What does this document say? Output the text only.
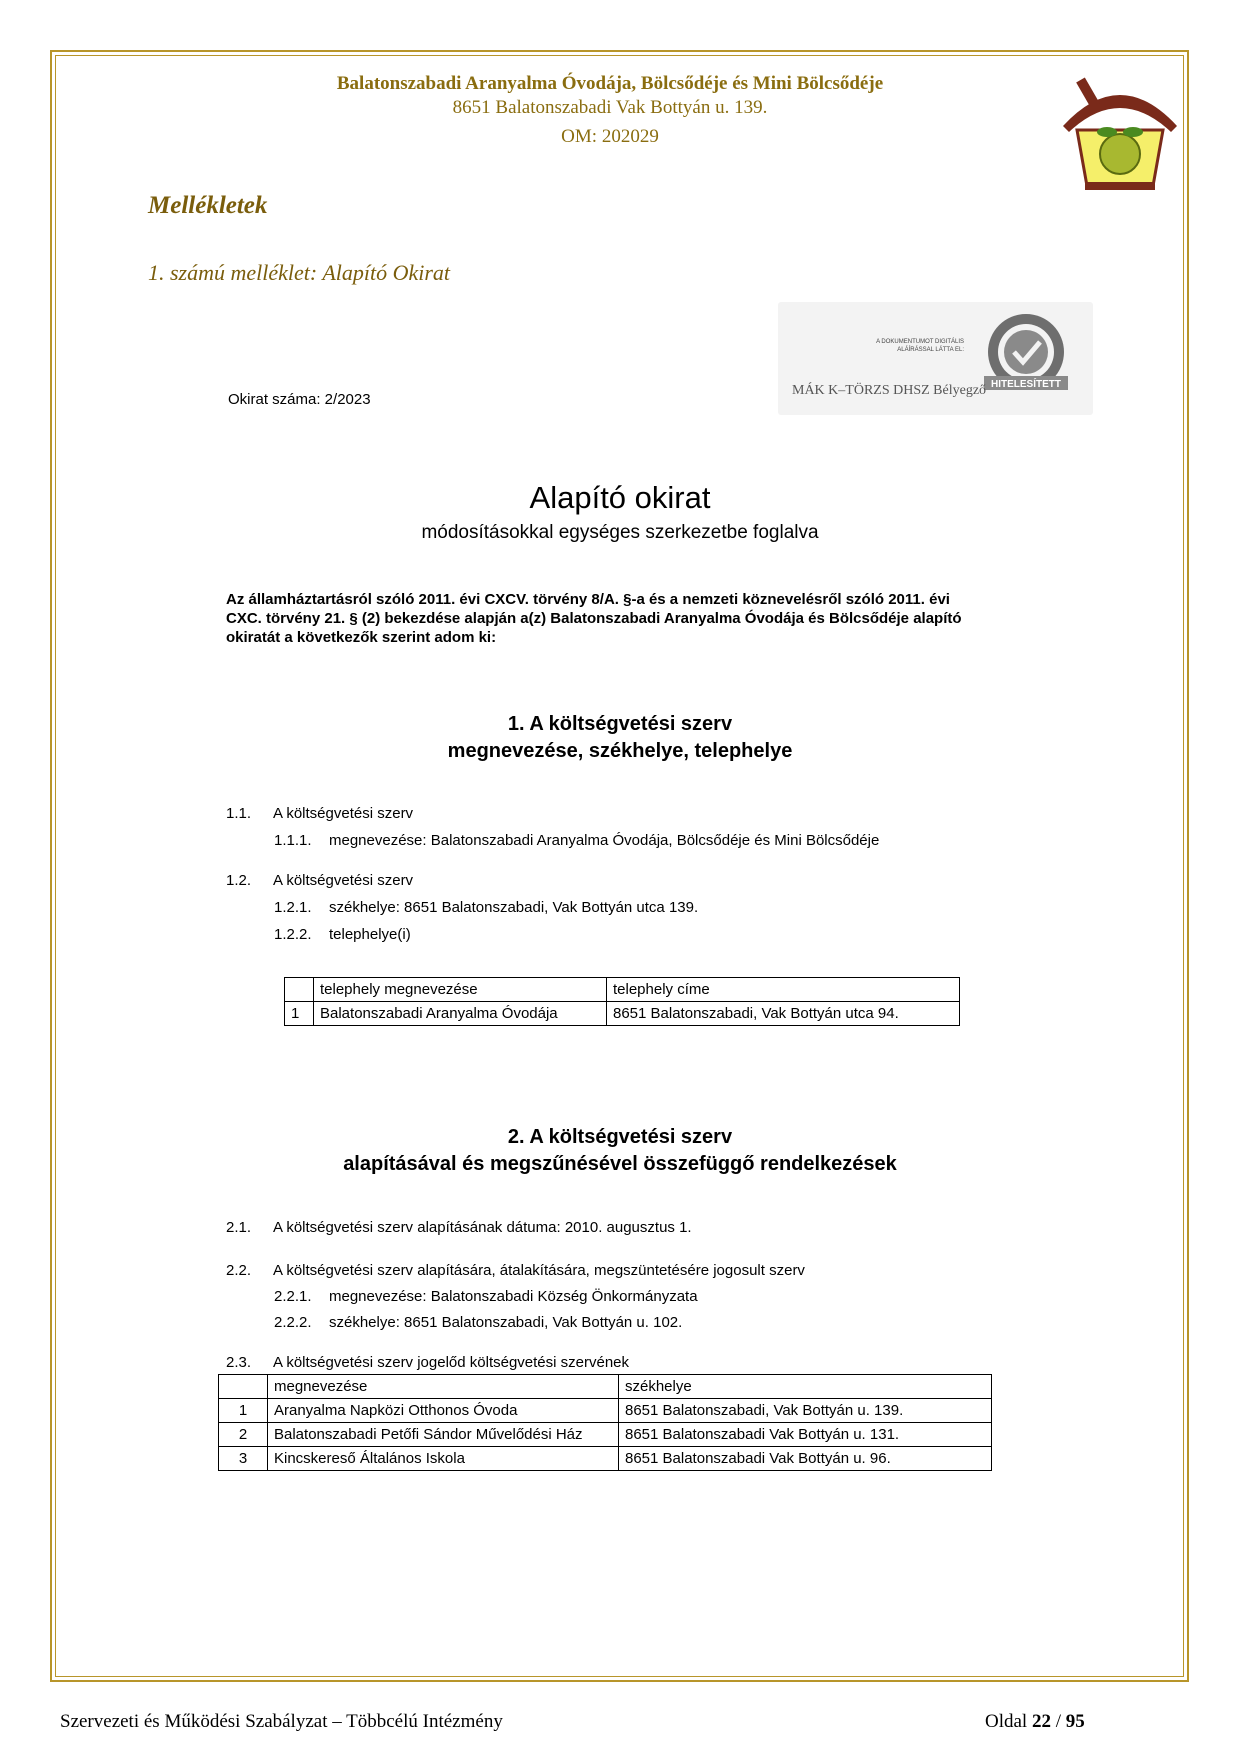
Balatonszabadi Aranyalma Óvodája, Bölcsődéje és Mini Bölcsődéje
8651 Balatonszabadi Vak Bottyán u. 139.
OM: 202029
Mellékletek
1. számú melléklet: Alapító Okirat
A DOKUMENTUMOT DIGITÁLIS
ALÁÍRÁSSAL LÁTTA EL:
HITELESÍTETT
MÁK K–TÖRZS DHSZ Bélyegző
Okirat száma: 2/2023
Alapító okirat
módosításokkal egységes szerkezetbe foglalva
Az államháztartásról szóló 2011. évi CXCV. törvény 8/A. §-a és a nemzeti köznevelésről szóló 2011. évi CXC. törvény 21. § (2) bekezdése alapján a(z) Balatonszabadi Aranyalma Óvodája és Bölcsődéje alapító okiratát a következők szerint adom ki:
1. A költségvetési szerv
megnevezése, székhelye, telephelye
1.1. A költségvetési szerv
1.1.1. megnevezése: Balatonszabadi Aranyalma Óvodája, Bölcsődéje és Mini Bölcsődéje
1.2. A költségvetési szerv
1.2.1. székhelye: 8651 Balatonszabadi, Vak Bottyán utca 139.
1.2.2. telephelye(i)
	telephely megnevezése	telephely címe
1	Balatonszabadi Aranyalma Óvodája	8651 Balatonszabadi, Vak Bottyán utca 94.
2. A költségvetési szerv
alapításával és megszűnésével összefüggő rendelkezések
2.1. A költségvetési szerv alapításának dátuma: 2010. augusztus 1.
2.2. A költségvetési szerv alapítására, átalakítására, megszüntetésére jogosult szerv
2.2.1. megnevezése: Balatonszabadi Község Önkormányzata
2.2.2. székhelye: 8651 Balatonszabadi, Vak Bottyán u. 102.
2.3. A költségvetési szerv jogelőd költségvetési szervének
	megnevezése	székhelye
1	Aranyalma Napközi Otthonos Óvoda	8651 Balatonszabadi, Vak Bottyán u. 139.
2	Balatonszabadi Petőfi Sándor Művelődési Ház	8651 Balatonszabadi Vak Bottyán u. 131.
3	Kincskereső Általános Iskola	8651 Balatonszabadi Vak Bottyán u. 96.
Szervezeti és Működési Szabályzat – Többcélú Intézmény	Oldal 22 / 95
